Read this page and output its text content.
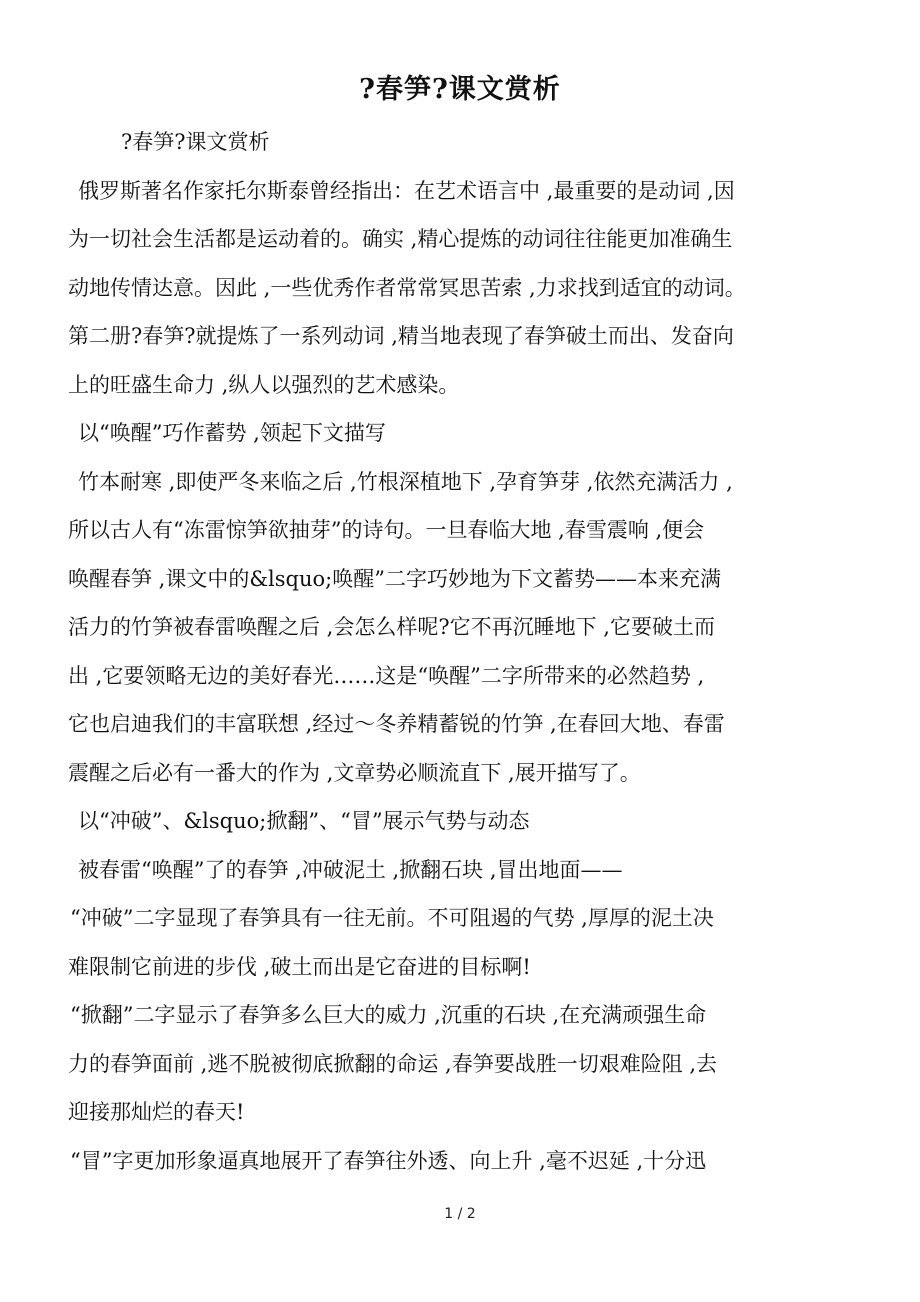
?春笋?课文赏析
?春笋?课文赏析
俄罗斯著名作家托尔斯泰曾经指出：在艺术语言中 ,最重要的是动词 ,因
为一切社会生活都是运动着的。确实 ,精心提炼的动词往往能更加准确生
动地传情达意。因此 ,一些优秀作者常常冥思苦索 ,力求找到适宜的动词。
第二册?春笋?就提炼了一系列动词 ,精当地表现了春笋破土而出、发奋向
上的旺盛生命力 ,纵人以强烈的艺术感染。
以“唤醒”巧作蓄势 ,领起下文描写
竹本耐寒 ,即使严冬来临之后 ,竹根深植地下 ,孕育笋芽 ,依然充满活力 ,
所以古人有“冻雷惊笋欲抽芽”的诗句。一旦春临大地 ,春雪震响 ,便会
唤醒春笋 ,课文中的&lsquo;唤醒”二字巧妙地为下文蓄势——本来充满
活力的竹笋被春雷唤醒之后 ,会怎么样呢?它不再沉睡地下 ,它要破土而
出 ,它要领略无边的美好春光……这是“唤醒”二字所带来的必然趋势 ,
它也启迪我们的丰富联想 ,经过～冬养精蓄锐的竹笋 ,在春回大地、春雷
震醒之后必有一番大的作为 ,文章势必顺流直下 ,展开描写了。
以“冲破”、&lsquo;掀翻”、“冒”展示气势与动态
被春雷“唤醒”了的春笋 ,冲破泥土 ,掀翻石块 ,冒出地面——
“冲破”二字显现了春笋具有一往无前。不可阻遏的气势 ,厚厚的泥土决
难限制它前进的步伐 ,破土而出是它奋进的目标啊!
“掀翻”二字显示了春笋多么巨大的威力 ,沉重的石块 ,在充满顽强生命
力的春笋面前 ,逃不脱被彻底掀翻的命运 ,春笋要战胜一切艰难险阻 ,去
迎接那灿烂的春天!
“冒”字更加形象逼真地展开了春笋往外透、向上升 ,毫不迟延 ,十分迅
1 / 2
